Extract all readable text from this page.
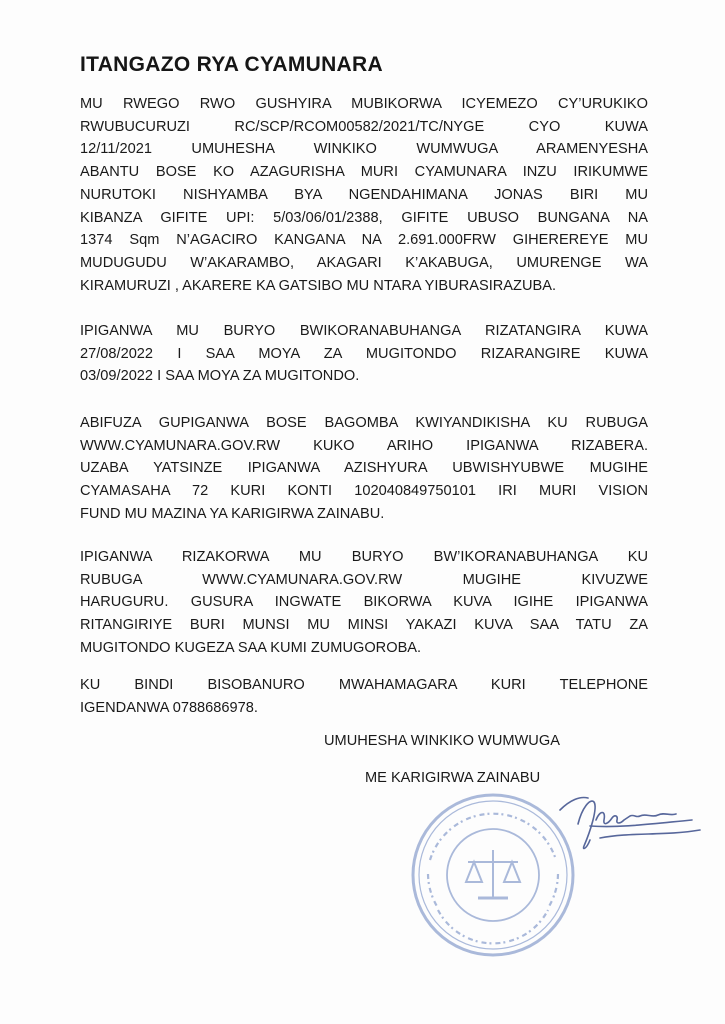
ITANGAZO RYA CYAMUNARA
MU RWEGO RWO GUSHYIRA MUBIKORWA ICYEMEZO CY’URUKIKO
RWUBUCURUZI RC/SCP/RCOM00582/2021/TC/NYGE CYO KUWA
12/11/2021 UMUHESHA WINKIKO WUMWUGA ARAMENYESHA
ABANTU BOSE KO AZAGURISHA MURI CYAMUNARA INZU IRIKUMWE
NURUTOKI NISHYAMBA BYA NGENDAHIMANA JONAS BIRI MU
KIBANZA GIFITE UPI: 5/03/06/01/2388, GIFITE UBUSO BUNGANA NA
1374 Sqm N’AGACIRO KANGANA NA 2.691.000FRW GIHEREREYE MU
MUDUGUDU W’AKARAMBO, AKAGARI K’AKABUGA, UMURENGE WA
KIRAMURUZI , AKARERE KA GATSIBO MU NTARA YIBURASIRAZUBA.
IPIGANWA MU BURYO BWIKORANABUHANGA RIZATANGIRA KUWA
27/08/2022 I SAA MOYA ZA MUGITONDO RIZARANGIRE KUWA
03/09/2022 I SAA MOYA ZA MUGITONDO.
ABIFUZA GUPIGANWA BOSE BAGOMBA KWIYANDIKISHA KU RUBUGA
WWW.CYAMUNARA.GOV.RW KUKO ARIHO IPIGANWA RIZABERA.
UZABA YATSINZE IPIGANWA AZISHYURA UBWISHYUBWE MUGIHE
CYAMASAHA 72 KURI KONTI 102040849750101 IRI MURI VISION
FUND MU MAZINA YA KARIGIRWA ZAINABU.
IPIGANWA RIZAKORWA MU BURYO BW’IKORANABUHANGA KU
RUBUGA WWW.CYAMUNARA.GOV.RW MUGIHE KIVUZWE
HARUGURU. GUSURA INGWATE BIKORWA KUVA IGIHE IPIGANWA
RITANGIRIYE BURI MUNSI MU MINSI YAKAZI KUVA SAA TATU ZA
MUGITONDO KUGEZA SAA KUMI ZUMUGOROBA.
KU BINDI BISOBANURO MWAHAMAGARA KURI TELEPHONE
IGENDANWA 0788686978.
UMUHESHA WINKIKO WUMWUGA
ME KARIGIRWA ZAINABU
